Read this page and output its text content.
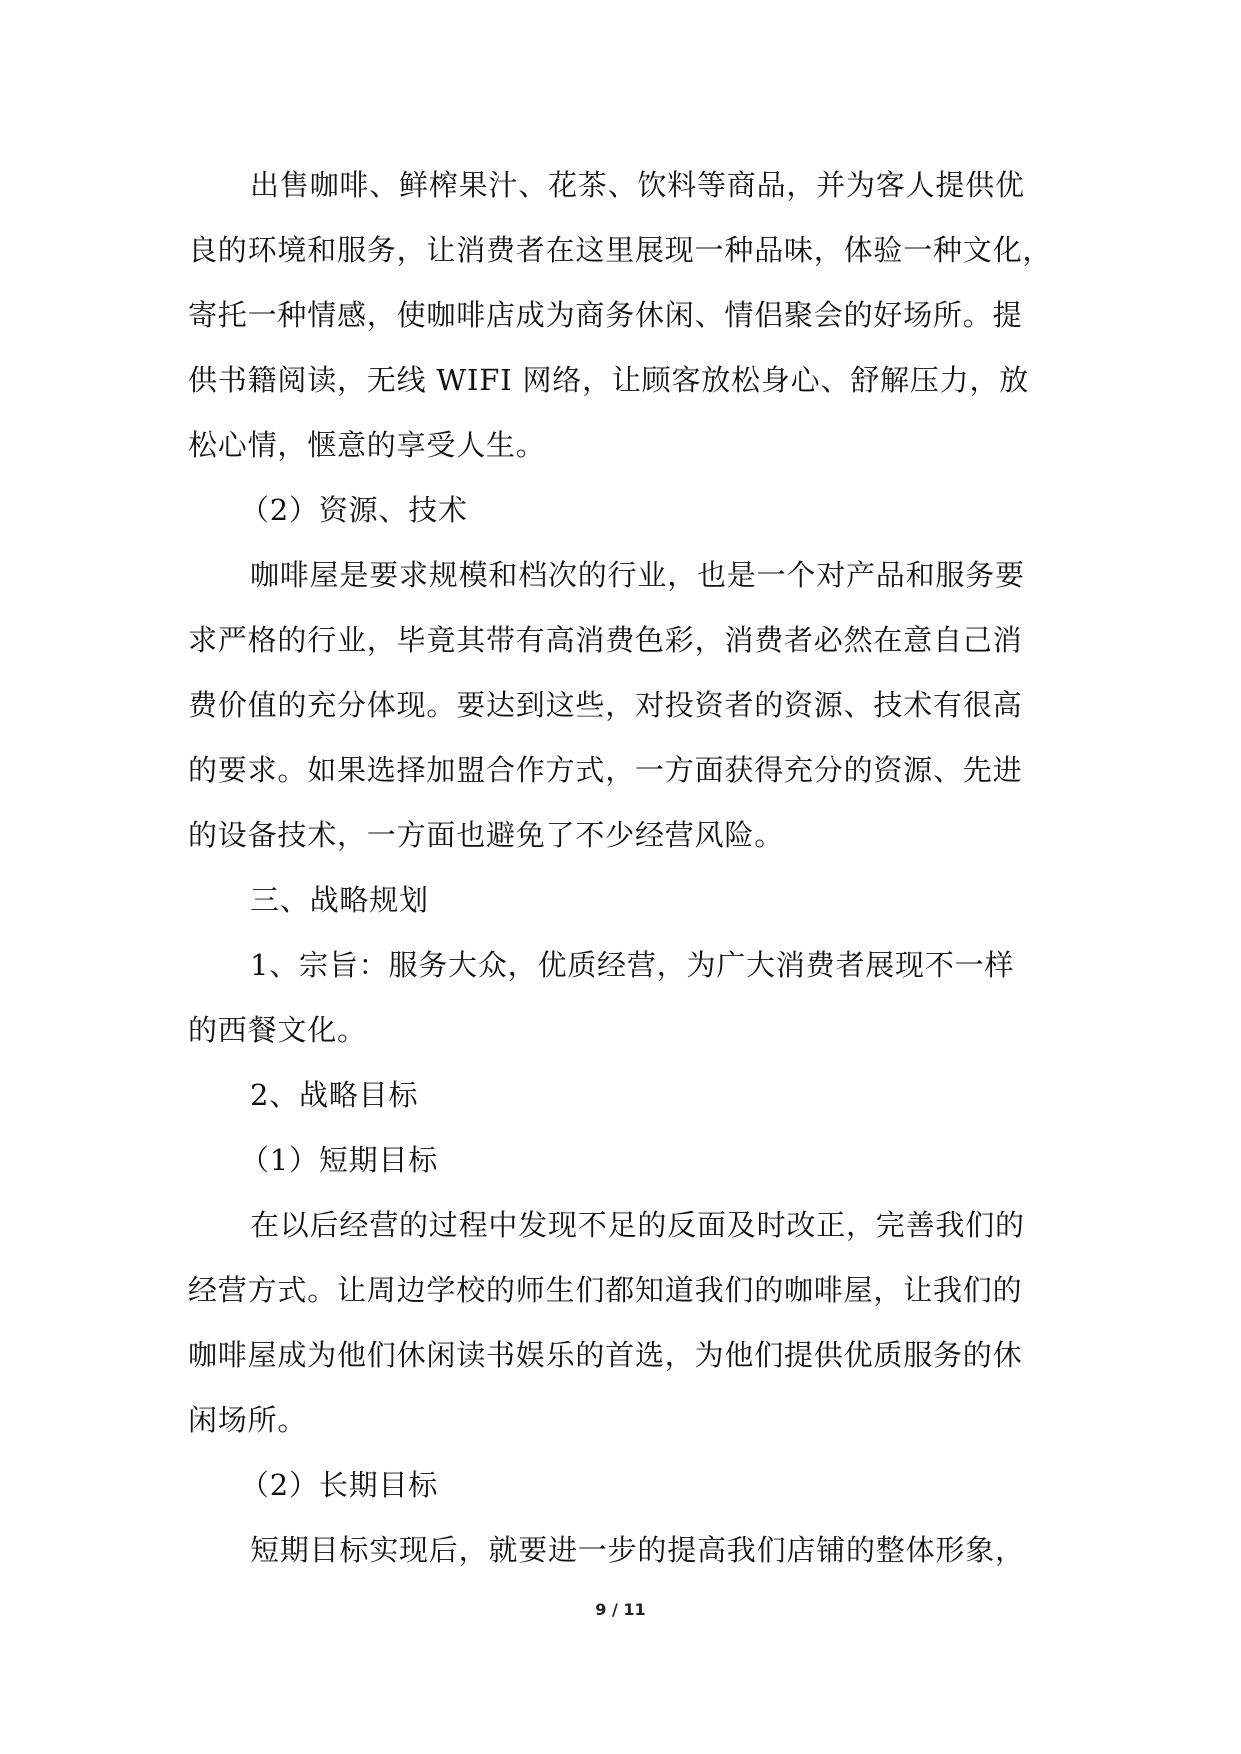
出售咖啡、鲜榨果汁、花茶、饮料等商品，并为客人提供优
良的环境和服务，让消费者在这里展现一种品味，体验一种文化，
寄托一种情感，使咖啡店成为商务休闲、情侣聚会的好场所。提
供书籍阅读，无线 WIFI 网络，让顾客放松身心、舒解压力，放
松心情，惬意的享受人生。
（2）资源、技术
咖啡屋是要求规模和档次的行业，也是一个对产品和服务要
求严格的行业，毕竟其带有高消费色彩，消费者必然在意自己消
费价值的充分体现。要达到这些，对投资者的资源、技术有很高
的要求。如果选择加盟合作方式，一方面获得充分的资源、先进
的设备技术，一方面也避免了不少经营风险。
三、战略规划
1、宗旨：服务大众，优质经营，为广大消费者展现不一样
的西餐文化。
2、战略目标
（1）短期目标
在以后经营的过程中发现不足的反面及时改正，完善我们的
经营方式。让周边学校的师生们都知道我们的咖啡屋，让我们的
咖啡屋成为他们休闲读书娱乐的首选，为他们提供优质服务的休
闲场所。
（2）长期目标
短期目标实现后，就要进一步的提高我们店铺的整体形象，
9 / 11
